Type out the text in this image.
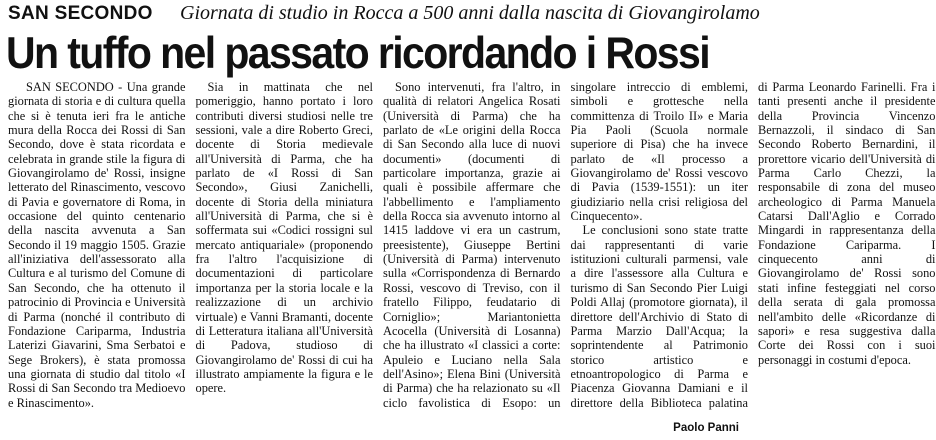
SAN SECONDO Giornata di studio in Rocca a 500 anni dalla nascita di Giovangirolamo
Un tuffo nel passato ricordando i Rossi

SAN SECONDO - Una grande giornata di storia e di cultura quella che si è tenuta ieri fra le antiche mura della Rocca dei Rossi di San Secondo, dove è stata ricordata e celebrata in grande stile la figura di Giovangirolamo de' Rossi, insigne letterato del Rinascimento, vescovo di Pavia e governatore di Roma, in occasione del quinto centenario della nascita avvenuta a San Secondo il 19 maggio 1505. Grazie all'iniziativa dell'assessorato alla Cultura e al turismo del Comune di San Secondo, che ha ottenuto il patrocinio di Provincia e Università di Parma (nonché il contributo di Fondazione Cariparma, Industria Laterizi Giavarini, Sma Serbatoi e Sege Brokers), è stata promossa una giornata di studio dal titolo «I Rossi di San Secondo tra Medioevo e Rinascimento».

Sia in mattinata che nel pomeriggio, hanno portato i loro contributi diversi studiosi nelle tre sessioni, vale a dire Roberto Greci, docente di Storia medievale all'Università di Parma, che ha parlato de «I Rossi di San Secondo», Giusi Zanichelli, docente di Storia della miniatura all'Università di Parma, che si è soffermata sui «Codici rossigni sul mercato antiquariale» (proponendo fra l'altro l'acquisizione di documentazioni di particolare importanza per la storia locale e la realizzazione di un archivio virtuale) e Vanni Bramanti, docente di Letteratura italiana all'Università di Padova, studioso di Giovangirolamo de' Rossi di cui ha illustrato ampiamente la figura e le opere.

Sono intervenuti, fra l'altro, in qualità di relatori Angelica Rosati (Università di Parma) che ha parlato de «Le origini della Rocca di San Secondo alla luce di nuovi documenti» (documenti di particolare importanza, grazie ai quali è possibile affermare che l'abbellimento e l'ampliamento della Rocca sia avvenuto intorno al 1415 laddove vi era un castrum, preesistente), Giuseppe Bertini (Università di Parma) intervenuto sulla «Corrispondenza di Bernardo Rossi, vescovo di Treviso, con il fratello Filippo, feudatario di Corniglio»; Mariantonietta Acocella (Università di Losanna) che ha illustrato «I classici a corte: Apuleio e Luciano nella Sala dell'Asino»; Elena Bini (Università di Parma) che ha relazionato su «Il ciclo favolistica di Esopo: un singolare intreccio di emblemi, simboli e grottesche nella committenza di Troilo II» e Maria Pia Paoli (Scuola normale superiore di Pisa) che ha invece parlato de «Il processo a Giovangirolamo de' Rossi vescovo di Pavia (1539-1551): un iter giudiziario nella crisi religiosa del Cinquecento».

Le conclusioni sono state tratte dai rappresentanti di varie istituzioni culturali parmensi, vale a dire l'assessore alla Cultura e turismo di San Secondo Pier Luigi Poldi Allaj (promotore giornata), il direttore dell'Archivio di Stato di Parma Marzio Dall'Acqua; la soprintendente al Patrimonio storico artistico e etnoantropologico di Parma e Piacenza Giovanna Damiani e il direttore della Biblioteca palatina di Parma Leonardo Farinelli. Fra i tanti presenti anche il presidente della Provincia Vincenzo Bernazzoli, il sindaco di San Secondo Roberto Bernardini, il prorettore vicario dell'Università di Parma Carlo Chezzi, la responsabile di zona del museo archeologico di Parma Manuela Catarsi Dall'Aglio e Corrado Mingardi in rappresentanza della Fondazione Cariparma. I cinquecento anni di Giovangirolamo de' Rossi sono stati infine festeggiati nel corso della serata di gala promossa nell'ambito delle «Ricordanze di sapori» e resa suggestiva dalla Corte dei Rossi con i suoi personaggi in costumi d'epoca.

Paolo Panni
